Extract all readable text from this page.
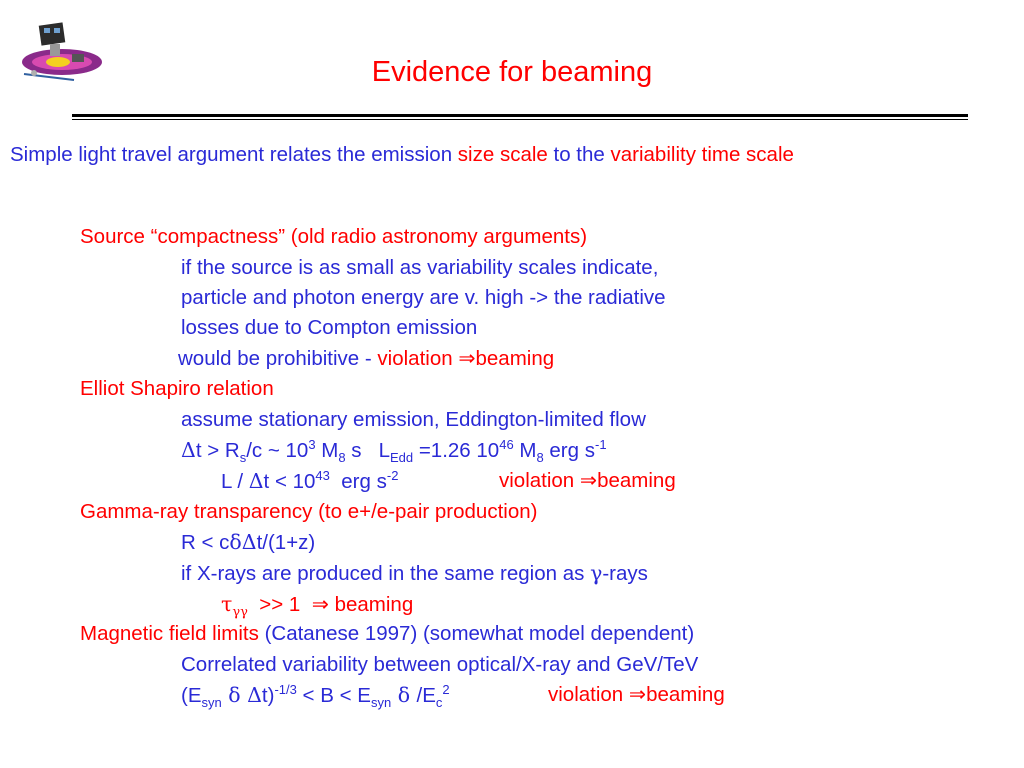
Evidence for beaming
Simple light travel argument relates the emission size scale to the variability time scale
Source “compactness” (old radio astronomy arguments)
if the source is as small as variability scales indicate,
particle and photon energy are v. high -> the radiative
losses due to Compton emission
would be prohibitive - violation ⇒beaming
Elliot Shapiro relation
assume stationary emission, Eddington-limited flow
$\Delta t > R_s/c$ ~ $10^3$ $M_8$ s   $L_{Edd} =1.26$ $10^{46}$ $M_8$ erg $s^{-1}$
$L / \Delta t < 10^{43}$  erg $s^{-2}$	violation ⇒beaming
Gamma-ray transparency (to e+/e-pair production)
R < cδΔt/(1+z)
if X-rays are produced in the same region as γ-rays
$\tau_{\gamma\gamma} >> 1$  ⇒ beaming
Magnetic field limits (Catanese 1997) (somewhat model dependent)
Correlated variability between optical/X-ray and GeV/TeV
($E_{syn}$ δ $\Delta t)^{-1/3} < B < E_{syn}$ δ $/E_c^2$	violation ⇒beaming
